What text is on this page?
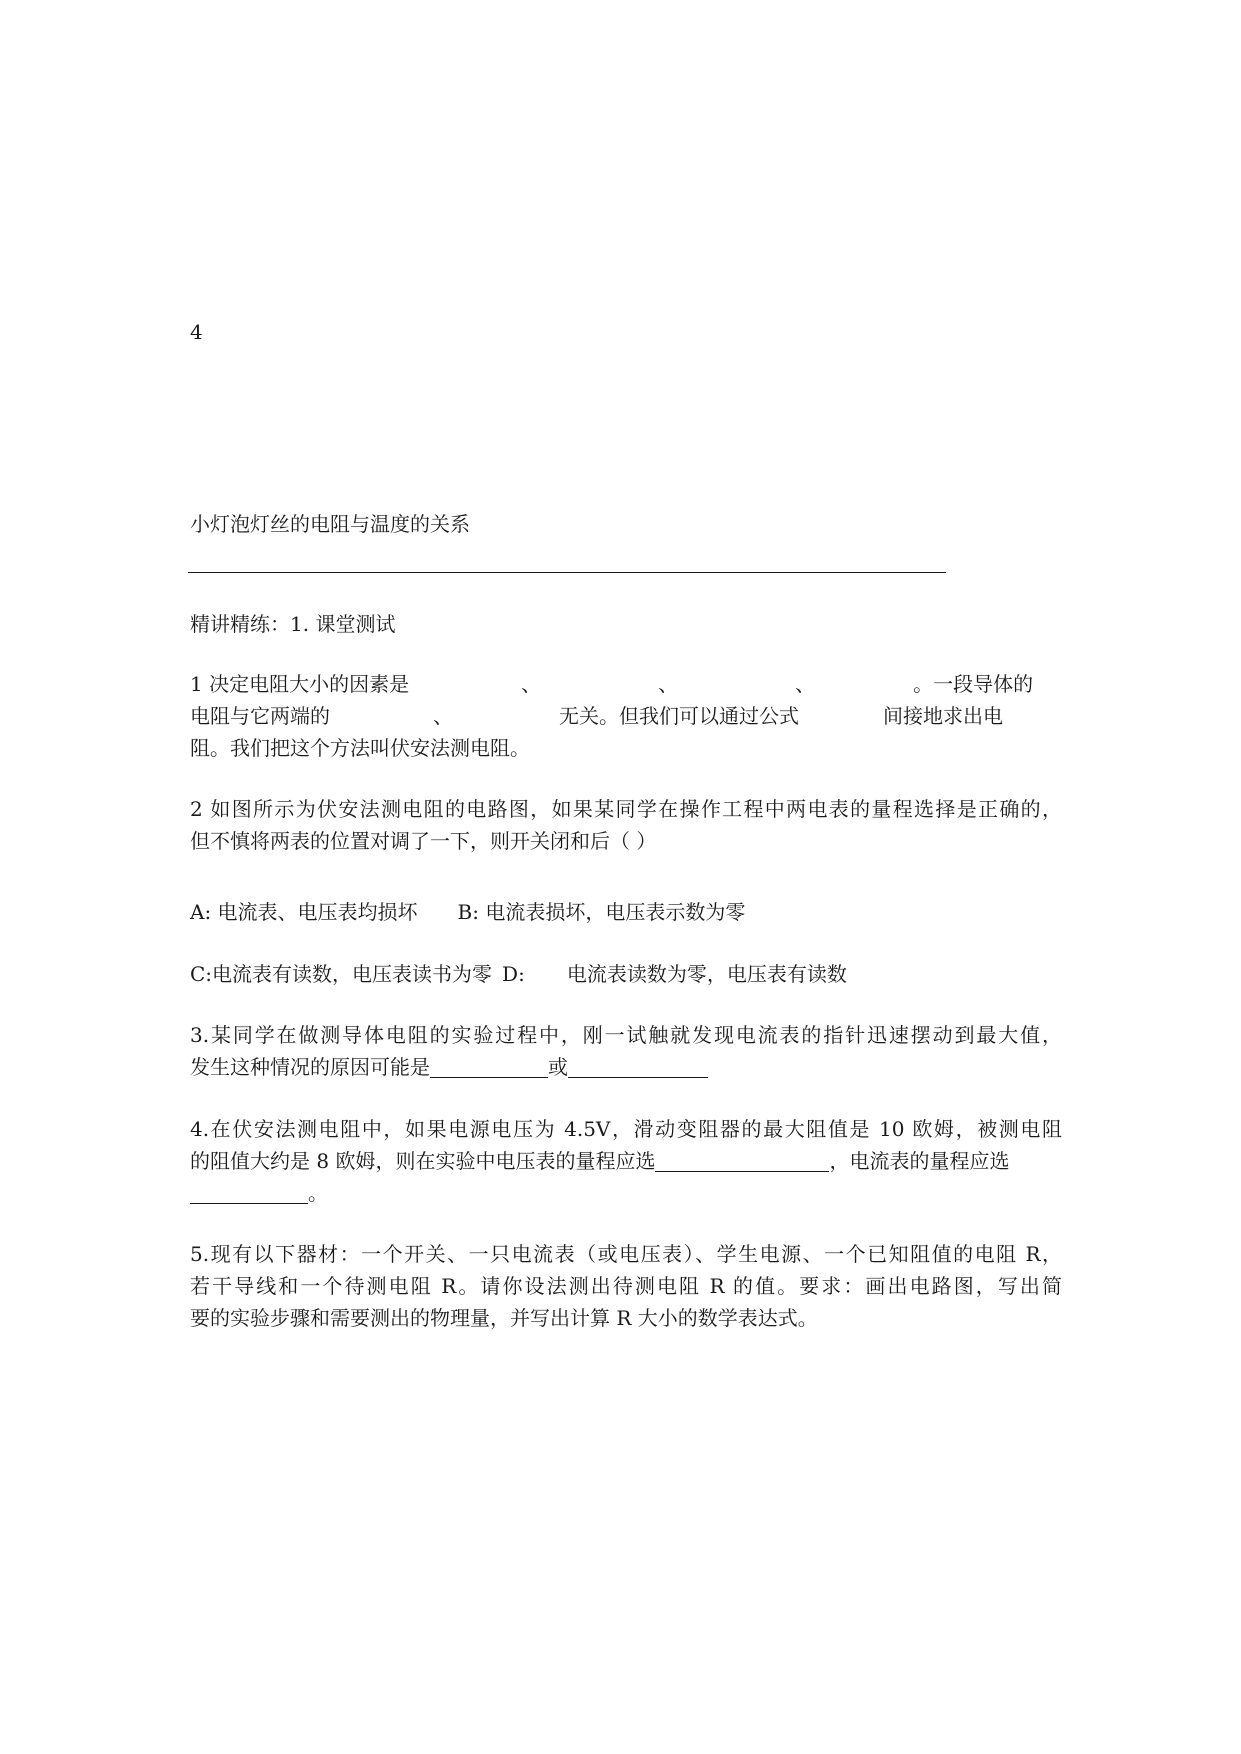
4

小灯泡灯丝的电阻与温度的关系

精讲精练：1. 课堂测试

1 决定电阻大小的因素是	、	、	、	。一段导体的

电阻与它两端的	、	无关。但我们可以通过公式	间接地求出电

阻。我们把这个方法叫伏安法测电阻。

2 如图所示为伏安法测电阻的电路图，如果某同学在操作工程中两电表的量程选择是正确的，

但不慎将两表的位置对调了一下，则开关闭和后（ ）

A: 电流表、电压表均损坏 B: 电流表损坏，电压表示数为零

C:电流表有读数，电压表读书为零 D: 电流表读数为零，电压表有读数

3.某同学在做测导体电阻的实验过程中，刚一试触就发现电流表的指针迅速摆动到最大值，

发生这种情况的原因可能是	或

4.在伏安法测电阻中，如果电源电压为 4.5V，滑动变阻器的最大阻值是 10 欧姆，被测电阻

的阻值大约是 8 欧姆，则在实验中电压表的量程应选	，电流表的量程应选

。

5.现有以下器材：一个开关、一只电流表（或电压表）、学生电源、一个已知阻值的电阻 R，

若干导线和一个待测电阻 R。请你设法测出待测电阻 R 的值。要求：画出电路图，写出简

要的实验步骤和需要测出的物理量，并写出计算 R 大小的数学表达式。
